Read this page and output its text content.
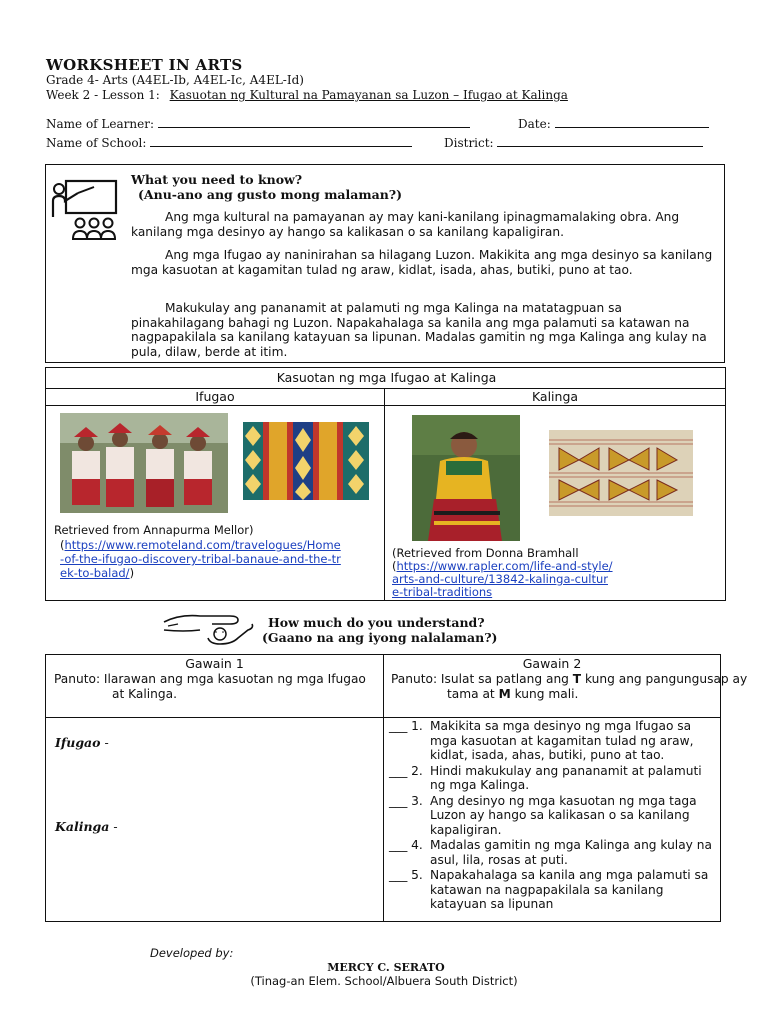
WORKSHEET IN ARTS
Grade 4- Arts (A4EL-Ib, A4EL-Ic, A4EL-Id)
Week 2 - Lesson 1: Kasuotan ng Kultural na Pamayanan sa Luzon – Ifugao at Kalinga
Name of Learner:	Date:
Name of School:	District:
What you need to know?
(Anu-ano ang gusto mong malaman?)
Ang mga kultural na pamayanan ay may kani-kanilang ipinagmamalaking obra. Ang kanilang mga desinyo ay hango sa kalikasan o sa kanilang kapaligiran.
Ang mga Ifugao ay naninirahan sa hilagang Luzon. Makikita ang mga desinyo sa kanilang mga kasuotan at kagamitan tulad ng araw, kidlat, isada, ahas, butiki, puno at tao.
Makukulay ang pananamit at palamuti ng mga Kalinga na matatagpuan sa pinakahilagang bahagi ng Luzon. Napakahalaga sa kanila ang mga palamuti sa katawan na nagpapakilala sa kanilang katayuan sa lipunan. Madalas gamitin ng mga Kalinga ang kulay na pula, dilaw, berde at itim.
Kasuotan ng mga Ifugao at Kalinga
Ifugao	Kalinga
Retrieved from Annapurma Mellor)
(https://www.remoteland.com/travelogues/Home-of-the-ifugao-discovery-tribal-banaue-and-the-trek-to-balad/)
(Retrieved from Donna Bramhall
(https://www.rapler.com/life-and-style/arts-and-culture/13842-kalinga-culture-tribal-traditions
How much do you understand?
(Gaano na ang iyong nalalaman?)
Gawain 1
Panuto: Ilarawan ang mga kasuotan ng mga Ifugao at Kalinga.
Gawain 2
Panuto: Isulat sa patlang ang T kung ang pangungusap ay tama at M kung mali.
Ifugao -
Kalinga -
___ 1. Makikita sa mga desinyo ng mga Ifugao sa mga kasuotan at kagamitan tulad ng araw, kidlat, isada, ahas, butiki, puno at tao.
___ 2. Hindi makukulay ang pananamit at palamuti ng mga Kalinga.
___ 3. Ang desinyo ng mga kasuotan ng mga taga Luzon ay hango sa kalikasan o sa kanilang kapaligiran.
___ 4. Madalas gamitin ng mga Kalinga ang kulay na asul, lila, rosas at puti.
___ 5. Napakahalaga sa kanila ang mga palamuti sa katawan na nagpapakilala sa kanilang katayuan sa lipunan
Developed by:
MERCY C. SERATO
(Tinag-an Elem. School/Albuera South District)
